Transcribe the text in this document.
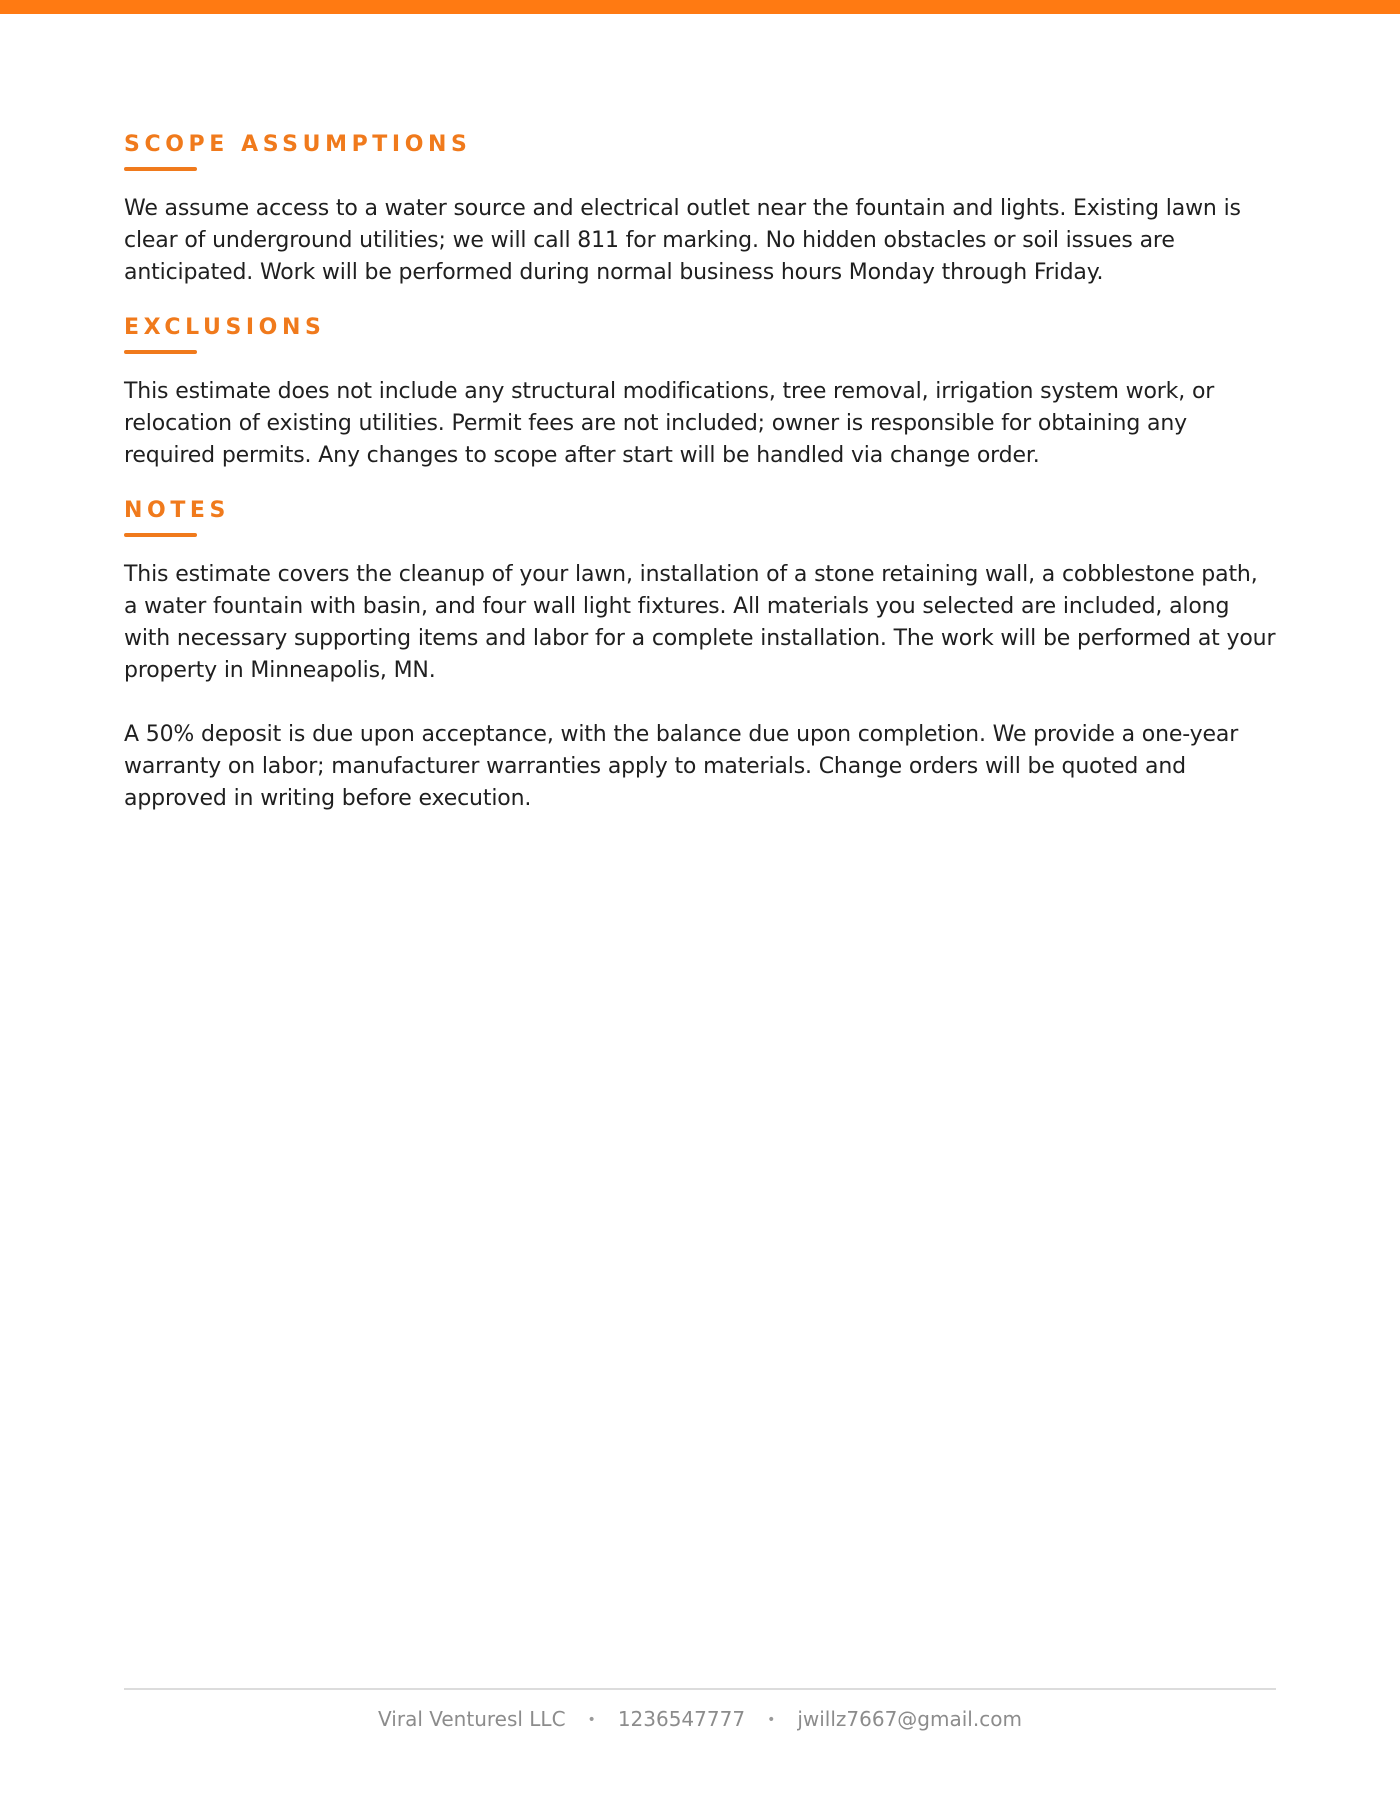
SCOPE ASSUMPTIONS

We assume access to a water source and electrical outlet near the fountain and lights. Existing lawn is clear of underground utilities; we will call 811 for marking. No hidden obstacles or soil issues are anticipated. Work will be performed during normal business hours Monday through Friday.

EXCLUSIONS

This estimate does not include any structural modifications, tree removal, irrigation system work, or relocation of existing utilities. Permit fees are not included; owner is responsible for obtaining any required permits. Any changes to scope after start will be handled via change order.

NOTES

This estimate covers the cleanup of your lawn, installation of a stone retaining wall, a cobblestone path, a water fountain with basin, and four wall light fixtures. All materials you selected are included, along with necessary supporting items and labor for a complete installation. The work will be performed at your property in Minneapolis, MN.

A 50% deposit is due upon acceptance, with the balance due upon completion. We provide a one-year warranty on labor; manufacturer warranties apply to materials. Change orders will be quoted and approved in writing before execution.

Viral Venturesl LLC • 1236547777 • jwillz7667@gmail.com
